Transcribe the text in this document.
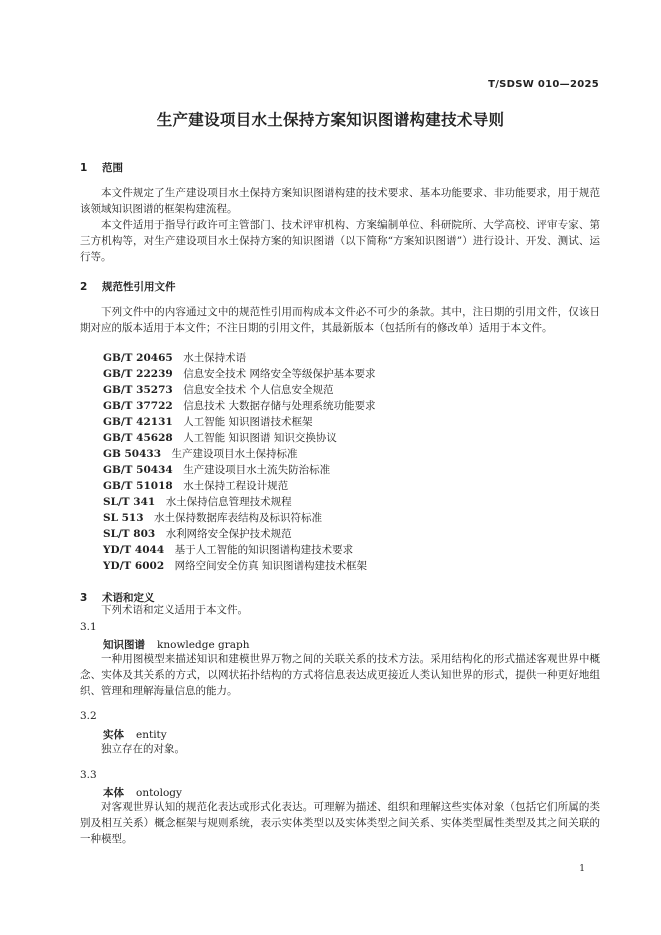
T/SDSW 010—2025
生产建设项目水土保持方案知识图谱构建技术导则
1 范围

本文件规定了生产建设项目水土保持方案知识图谱构建的技术要求、基本功能要求、非功能要求，用于规范该领域知识图谱的框架构建流程。

本文件适用于指导行政许可主管部门、技术评审机构、方案编制单位、科研院所、大学高校、评审专家、第三方机构等，对生产建设项目水土保持方案的知识图谱（以下简称“方案知识图谱”）进行设计、开发、测试、运行等。

2 规范性引用文件

下列文件中的内容通过文中的规范性引用而构成本文件必不可少的条款。其中，注日期的引用文件，仅该日期对应的版本适用于本文件；不注日期的引用文件，其最新版本（包括所有的修改单）适用于本文件。

GB/T 20465　 水土保持术语
GB/T 22239　 信息安全技术 网络安全等级保护基本要求
GB/T 35273　 信息安全技术 个人信息安全规范
GB/T 37722　 信息技术 大数据存储与处理系统功能要求
GB/T 42131　 人工智能 知识图谱技术框架
GB/T 45628　 人工智能 知识图谱 知识交换协议
GB 50433　 生产建设项目水土保持标准
GB/T 50434　 生产建设项目水土流失防治标准
GB/T 51018　 水土保持工程设计规范
SL/T 341　 水土保持信息管理技术规程
SL 513　 水土保持数据库表结构及标识符标准
SL/T 803　 水利网络安全保护技术规范
YD/T 4044　 基于人工智能的知识图谱构建技术要求
YD/T 6002　 网络空间安全仿真 知识图谱构建技术框架
3 术语和定义

下列术语和定义适用于本文件。

3.1
知识图谱 knowledge graph

一种用图模型来描述知识和建模世界万物之间的关联关系的技术方法。采用结构化的形式描述客观世界中概念、实体及其关系的方式，以网状拓扑结构的方式将信息表达成更接近人类认知世界的形式，提供一种更好地组织、管理和理解海量信息的能力。

3.2
实体 entity

独立存在的对象。

3.3
本体 ontology

对客观世界认知的规范化表达或形式化表达。可理解为描述、组织和理解这些实体对象（包括它们所属的类别及相互关系）概念框架与规则系统，表示实体类型以及实体类型之间关系、实体类型属性类型及其之间关联的一种模型。

1
